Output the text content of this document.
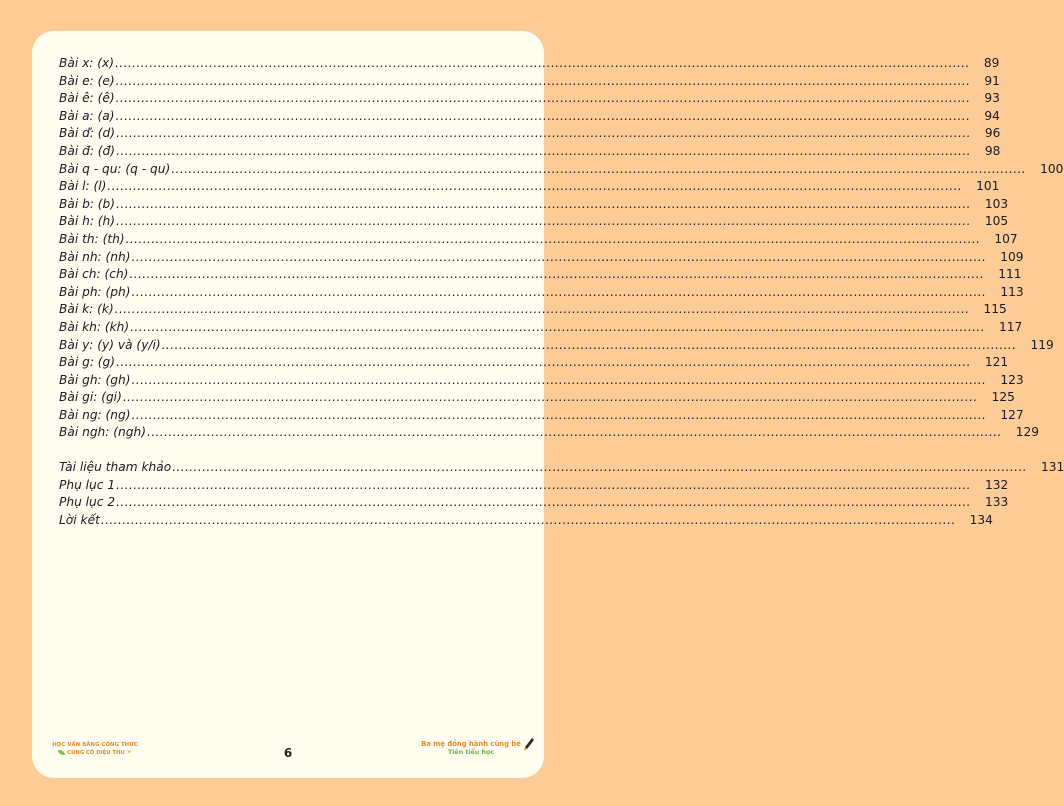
Bài x: (x) ........................................................................................................................................................................................................ 89
Bài e: (e) ........................................................................................................................................................................................................ 91
Bài ê: (ê) ........................................................................................................................................................................................................ 93
Bài a: (a) ........................................................................................................................................................................................................ 94
Bài ď: (d) ........................................................................................................................................................................................................ 96
Bài đ: (đ) ........................................................................................................................................................................................................ 98
Bài q - qu: (q - qu) ........................................................................................................................................................................................................ 100
Bài l: (l) ........................................................................................................................................................................................................ 101
Bài b: (b) ........................................................................................................................................................................................................ 103
Bài h: (h) ........................................................................................................................................................................................................ 105
Bài th: (th) ........................................................................................................................................................................................................ 107
Bài nh: (nh) ........................................................................................................................................................................................................ 109
Bài ch: (ch) ........................................................................................................................................................................................................ 111
Bài ph: (ph) ........................................................................................................................................................................................................ 113
Bài k: (k) ........................................................................................................................................................................................................ 115
Bài kh: (kh) ........................................................................................................................................................................................................ 117
Bài y: (y) và (y/i) ........................................................................................................................................................................................................ 119
Bài g: (g) ........................................................................................................................................................................................................ 121
Bài gh: (gh) ........................................................................................................................................................................................................ 123
Bài gi: (gi) ........................................................................................................................................................................................................ 125
Bài ng: (ng) ........................................................................................................................................................................................................ 127
Bài ngh: (ngh) ........................................................................................................................................................................................................ 129
Tài liệu tham khảo ........................................................................................................................................................................................................ 131
Phụ lục 1 ........................................................................................................................................................................................................ 132
Phụ lục 2 ........................................................................................................................................................................................................ 133
Lời kết ........................................................................................................................................................................................................ 134
HỌC VẦN BẰNG CÔNG THỨC
CÙNG CÔ DIỆU THU ✦	6
Ba mẹ đồng hành cùng bé
Tiền tiểu học
